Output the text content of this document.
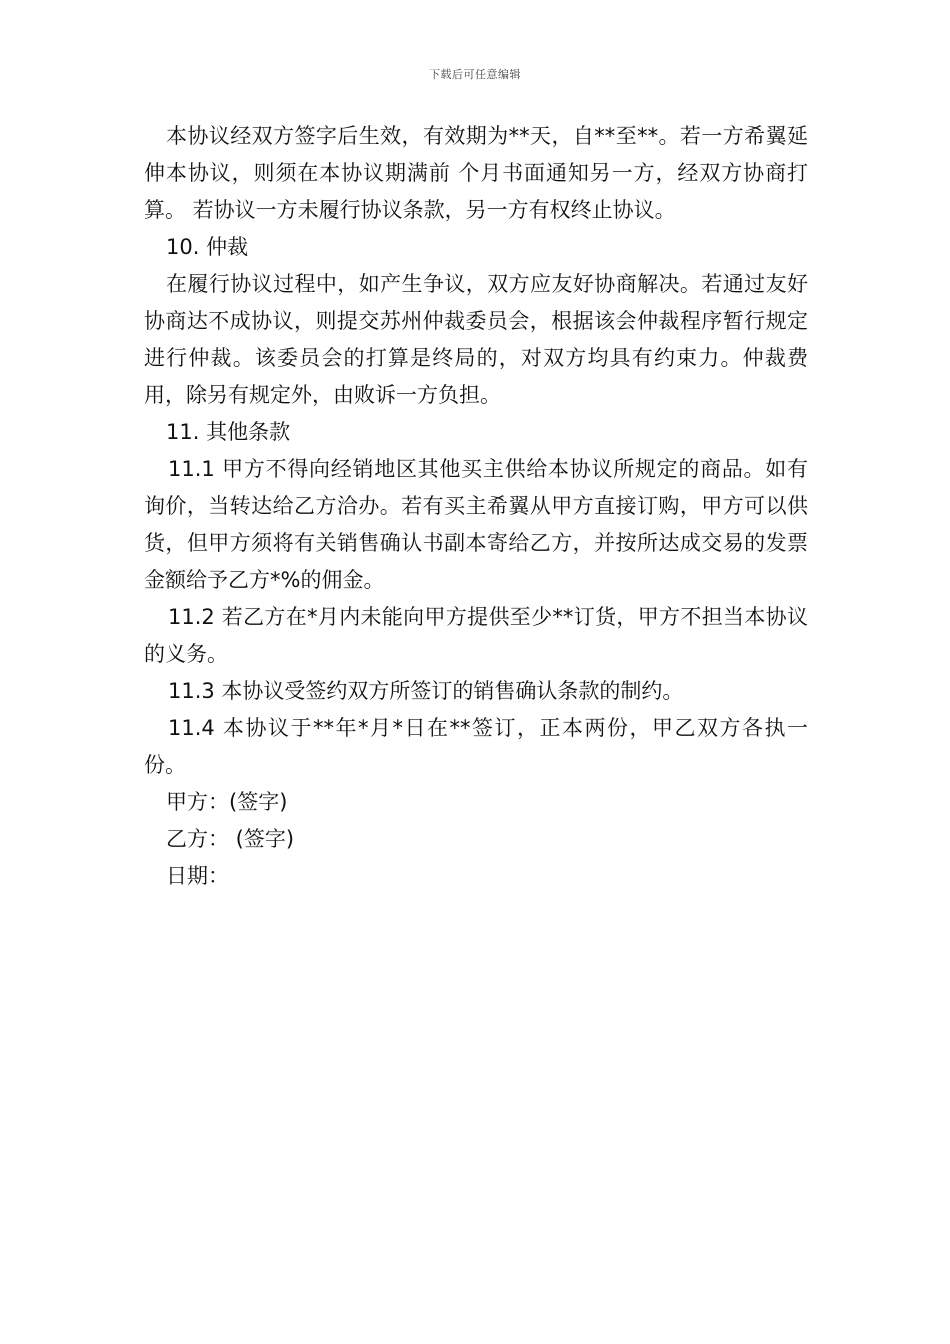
下载后可任意编辑

本协议经双方签字后生效，有效期为**天，自**至**。若一方希翼延伸本协议，则须在本协议期满前 个月书面通知另一方，经双方协商打算。 若协议一方未履行协议条款，另一方有权终止协议。

10. 仲裁

在履行协议过程中，如产生争议，双方应友好协商解决。若通过友好协商达不成协议，则提交苏州仲裁委员会，根据该会仲裁程序暂行规定进行仲裁。该委员会的打算是终局的，对双方均具有约束力。仲裁费用，除另有规定外，由败诉一方负担。

11. 其他条款

11.1 甲方不得向经销地区其他买主供给本协议所规定的商品。如有询价，当转达给乙方洽办。若有买主希翼从甲方直接订购，甲方可以供货，但甲方须将有关销售确认书副本寄给乙方，并按所达成交易的发票金额给予乙方*%的佣金。

11.2 若乙方在*月内未能向甲方提供至少**订货，甲方不担当本协议的义务。

11.3 本协议受签约双方所签订的销售确认条款的制约。

11.4 本协议于**年*月*日在**签订，正本两份，甲乙双方各执一份。

甲方：(签字)

乙方： (签字)

日期：
